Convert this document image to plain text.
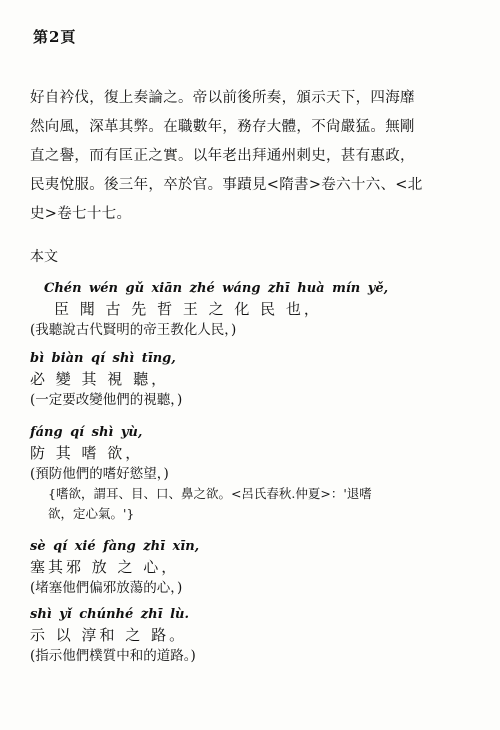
第2頁
好自衿伐，復上奏論之。帝以前後所奏，頒示天下，四海靡
然向風，深革其弊。在職數年，務存大體，不尙嚴猛。無剛
直之譽，而有匡正之實。以年老出拜通州刺史，甚有惠政，
民夷悅服。後三年，卒於官。事蹟見<隋書>卷六十六、<北
史>卷七十七。
本文
Chén wén gǔ xiān zhé wáng zhī huà mín yě,
臣 聞 古 先 哲 王 之 化 民 也，
(我聽說古代賢明的帝王教化人民，)
bì biàn qí shì tīng,
必 變 其 視 聽，
(一定要改變他們的視聽，)
fáng qí shì yù,
防 其 嗜 欲，
(預防他們的嗜好慾望，)
{嗜欲，謂耳、目、口、鼻之欲。<呂氏春秋.仲夏>：'退嗜
欲，定心氣。'}
sè qí xié fàng zhī xīn,
塞其邪 放 之 心，
(堵塞他們偏邪放蕩的心，)
shì yǐ chúnhé zhī lù.
示 以 淳和 之 路。
(指示他們樸質中和的道路。)
